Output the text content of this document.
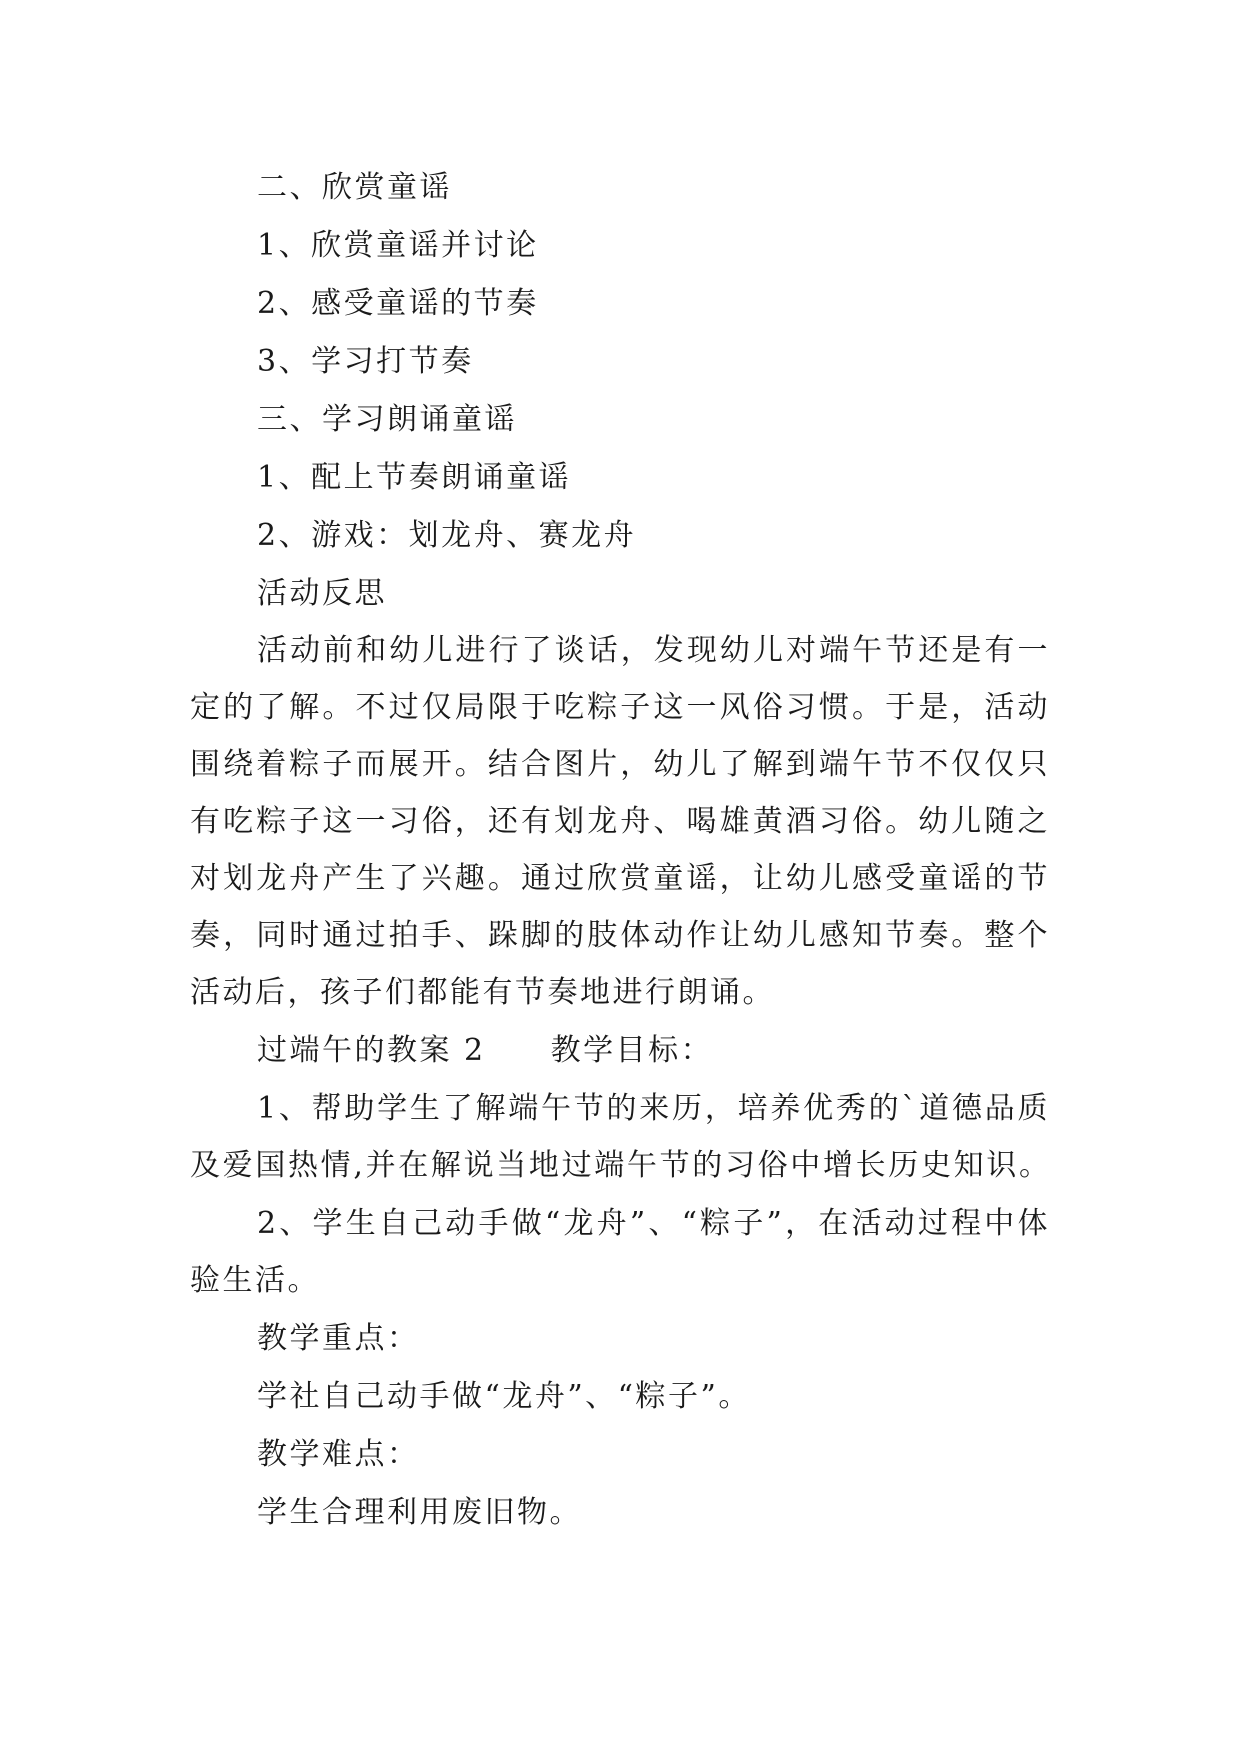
二、欣赏童谣
1、欣赏童谣并讨论
2、感受童谣的节奏
3、学习打节奏
三、学习朗诵童谣
1、配上节奏朗诵童谣
2、游戏：划龙舟、赛龙舟
活动反思
活动前和幼儿进行了谈话，发现幼儿对端午节还是有一
定的了解。不过仅局限于吃粽子这一风俗习惯。于是，活动
围绕着粽子而展开。结合图片，幼儿了解到端午节不仅仅只
有吃粽子这一习俗，还有划龙舟、喝雄黄酒习俗。幼儿随之
对划龙舟产生了兴趣。通过欣赏童谣，让幼儿感受童谣的节
奏，同时通过拍手、跺脚的肢体动作让幼儿感知节奏。整个
活动后，孩子们都能有节奏地进行朗诵。
过端午的教案 2　　教学目标：
1、帮助学生了解端午节的来历，培养优秀的`道德品质
及爱国热情,并在解说当地过端午节的习俗中增长历史知识。
2、学生自己动手做“龙舟”、“粽子”，在活动过程中体
验生活。
教学重点：
学社自己动手做“龙舟”、“粽子”。
教学难点：
学生合理利用废旧物。
